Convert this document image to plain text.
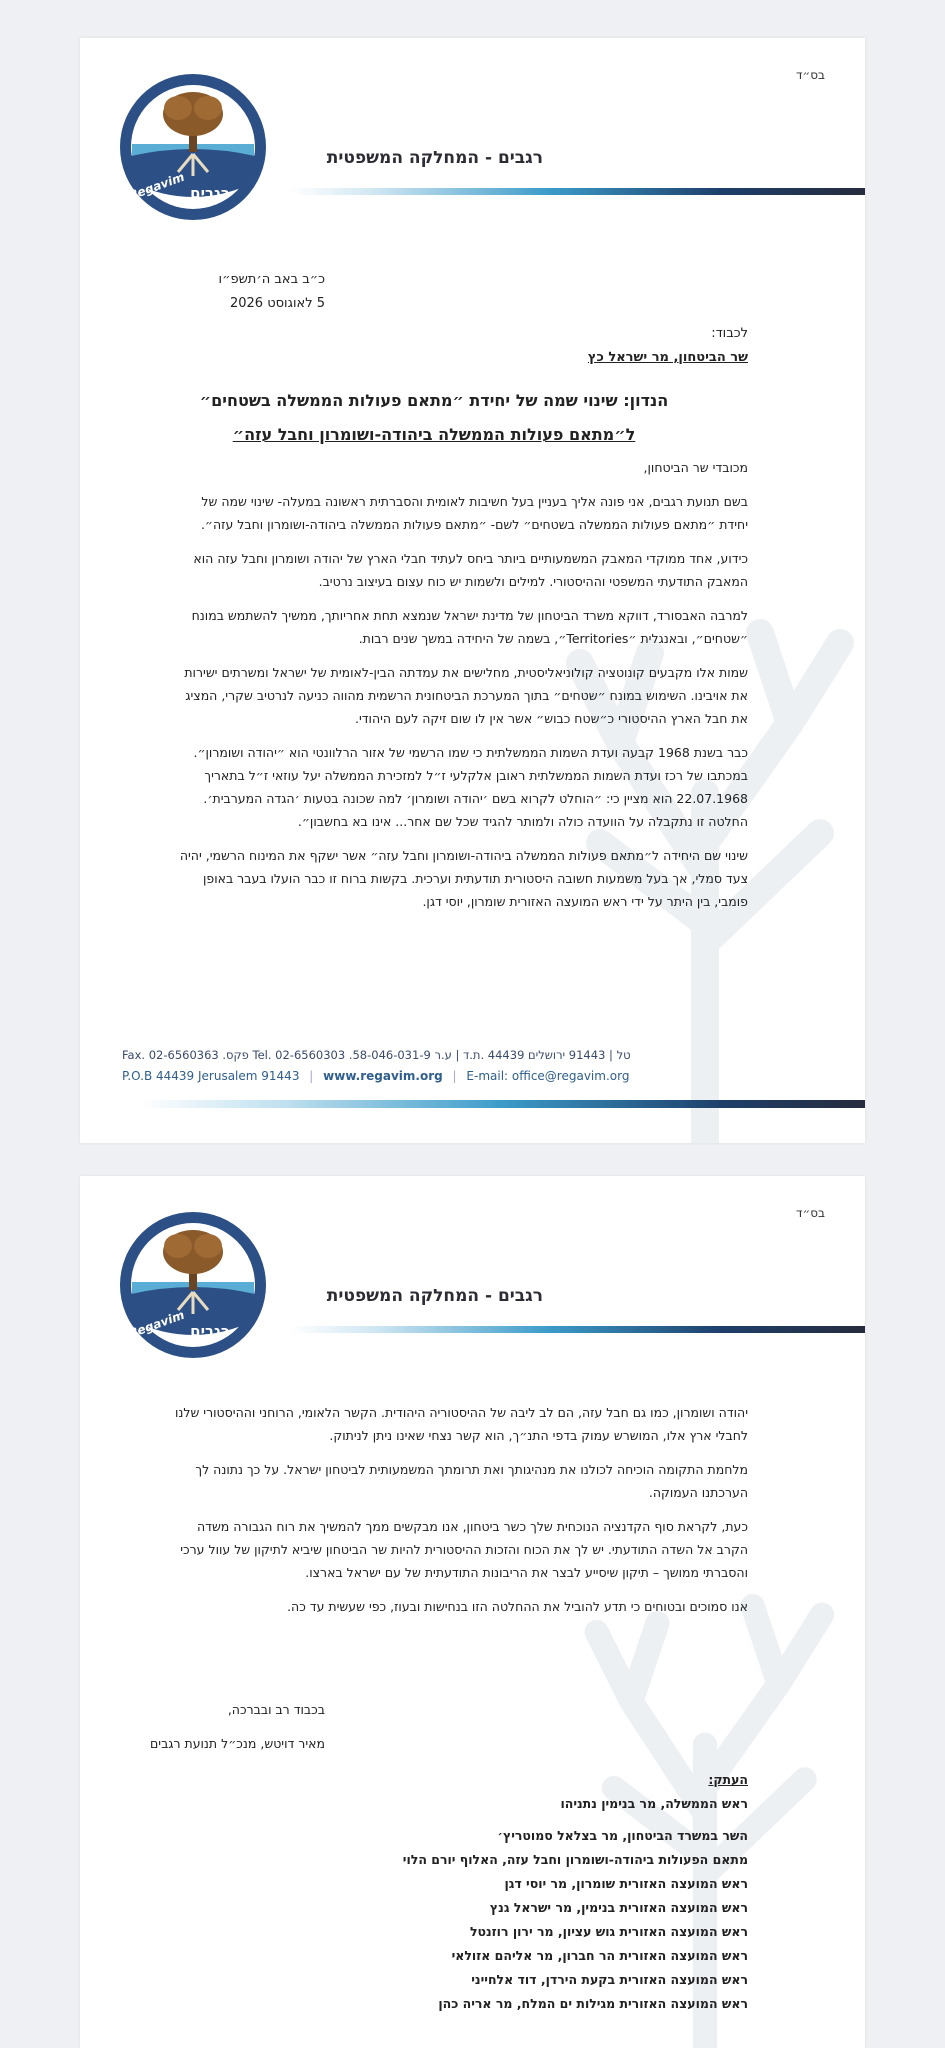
בס״ד
רגבים
Regavim
רגבים - המחלקה המשפטית
כ״ב באב ה׳תשפ״ו
5 לאוגוסט 2026
לכבוד:
שר הביטחון, מר ישראל כץ
הנדון: שינוי שמה של יחידת ״מתאם פעולות הממשלה בשטחים״
ל״מתאם פעולות הממשלה ביהודה-ושומרון וחבל עזה״

מכובדי שר הביטחון,

בשם תנועת רגבים, אני פונה אליך בעניין בעל חשיבות לאומית והסברתית ראשונה במעלה- שינוי שמה של יחידת ״מתאם פעולות הממשלה בשטחים״ לשם- ״מתאם פעולות הממשלה ביהודה-ושומרון וחבל עזה״.

כידוע, אחד ממוקדי המאבק המשמעותיים ביותר ביחס לעתיד חבלי הארץ של יהודה ושומרון וחבל עזה הוא המאבק התודעתי המשפטי וההיסטורי. למילים ולשמות יש כוח עצום בעיצוב נרטיב.

למרבה האבסורד, דווקא משרד הביטחון של מדינת ישראל שנמצא תחת אחריותך, ממשיך להשתמש במונח ״שטחים״, ובאנגלית ״Territories״, בשמה של היחידה במשך שנים רבות.

שמות אלו מקבעים קונוטציה קולוניאליסטית, מחלישים את עמדתה הבין-לאומית של ישראל ומשרתים ישירות את אויבינו. השימוש במונח ״שטחים״ בתוך המערכת הביטחונית הרשמית מהווה כניעה לנרטיב שקרי, המציג את חבל הארץ ההיסטורי כ״שטח כבוש״ אשר אין לו שום זיקה לעם היהודי.

כבר בשנת 1968 קבעה ועדת השמות הממשלתית כי שמו הרשמי של אזור הרלוונטי הוא ״יהודה ושומרון״. במכתבו של רכז ועדת השמות הממשלתית ראובן אלקלעי ז״ל למזכירת הממשלה יעל עוזאי ז״ל בתאריך 22.07.1968 הוא מציין כי: ״הוחלט לקרוא בשם ׳יהודה ושומרון׳ למה שכונה בטעות ׳הגדה המערבית׳. החלטה זו נתקבלה על הוועדה כולה ולמותר להגיד שכל שם אחר... אינו בא בחשבון״.

שינוי שם היחידה ל״מתאם פעולות הממשלה ביהודה-ושומרון וחבל עזה״ אשר ישקף את המינוח הרשמי, יהיה צעד סמלי, אך בעל משמעות חשובה היסטורית תודעתית וערכית. בקשות ברוח זו כבר הועלו בעבר באופן פומבי, בין היתר על ידי ראש המועצה האזורית שומרון, יוסי דגן.

Fax. 02-6560363 .פקס Tel. 02-6560303 .טל | 91443 ירושלים 44439 .ת.ד | ע.ר 58-046-031-9
P.O.B 44439 Jerusalem 91443 | www.regavim.org | E-mail: office@regavim.org
בס״ד
רגבים
Regavim
רגבים - המחלקה המשפטית

יהודה ושומרון, כמו גם חבל עזה, הם לב ליבה של ההיסטוריה היהודית. הקשר הלאומי, הרוחני וההיסטורי שלנו לחבלי ארץ אלו, המושרש עמוק בדפי התנ״ך, הוא קשר נצחי שאינו ניתן לניתוק.

מלחמת התקומה הוכיחה לכולנו את מנהיגותך ואת תרומתך המשמעותית לביטחון ישראל. על כך נתונה לך הערכתנו העמוקה.

כעת, לקראת סוף הקדנציה הנוכחית שלך כשר ביטחון, אנו מבקשים ממך להמשיך את רוח הגבורה משדה הקרב אל השדה התודעתי. יש לך את הכוח והזכות ההיסטורית להיות שר הביטחון שיביא לתיקון של עוול ערכי והסברתי ממושך – תיקון שיסייע לבצר את הריבונות התודעתית של עם ישראל בארצו.

אנו סמוכים ובטוחים כי תדע להוביל את ההחלטה הזו בנחישות ובעוז, כפי שעשית עד כה.

בכבוד רב ובברכה,
מאיר דויטש, מנכ״ל תנועת רגבים
העתק:
ראש הממשלה, מר בנימין נתניהו
השר במשרד הביטחון, מר בצלאל סמוטריץ׳
מתאם הפעולות ביהודה-ושומרון וחבל עזה, האלוף יורם הלוי
ראש המועצה האזורית שומרון, מר יוסי דגן
ראש המועצה האזורית בנימין, מר ישראל גנץ
ראש המועצה האזורית גוש עציון, מר ירון רוזנטל
ראש המועצה האזורית הר חברון, מר אליהם אזולאי
ראש המועצה האזורית בקעת הירדן, דוד אלחייני
ראש המועצה האזורית מגילות ים המלח, מר אריה כהן
